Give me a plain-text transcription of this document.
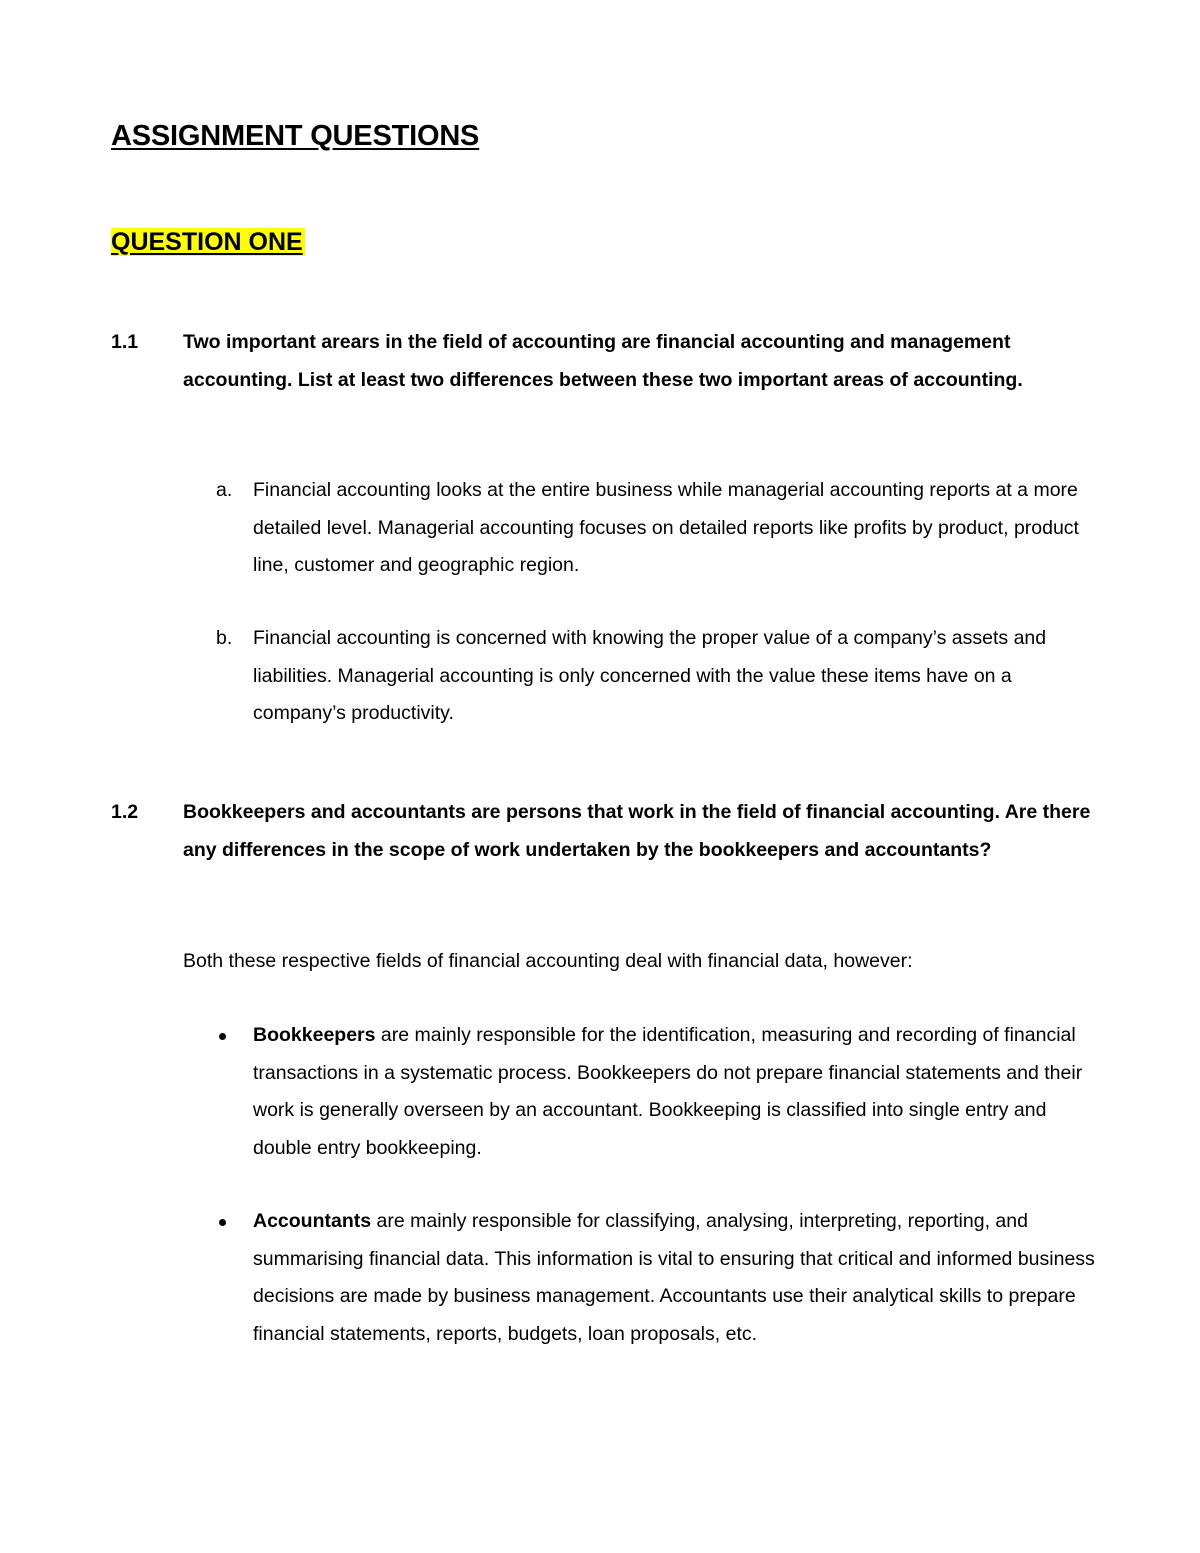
ASSIGNMENT QUESTIONS
QUESTION ONE
1.1 Two important arears in the field of accounting are financial accounting and management accounting. List at least two differences between these two important areas of accounting.
a. Financial accounting looks at the entire business while managerial accounting reports at a more detailed level. Managerial accounting focuses on detailed reports like profits by product, product line, customer and geographic region.
b. Financial accounting is concerned with knowing the proper value of a company’s assets and liabilities. Managerial accounting is only concerned with the value these items have on a company’s productivity.
1.2 Bookkeepers and accountants are persons that work in the field of financial accounting. Are there any differences in the scope of work undertaken by the bookkeepers and accountants?
Both these respective fields of financial accounting deal with financial data, however:
Bookkeepers are mainly responsible for the identification, measuring and recording of financial transactions in a systematic process. Bookkeepers do not prepare financial statements and their work is generally overseen by an accountant. Bookkeeping is classified into single entry and double entry bookkeeping.
Accountants are mainly responsible for classifying, analysing, interpreting, reporting, and summarising financial data. This information is vital to ensuring that critical and informed business decisions are made by business management. Accountants use their analytical skills to prepare financial statements, reports, budgets, loan proposals, etc.
